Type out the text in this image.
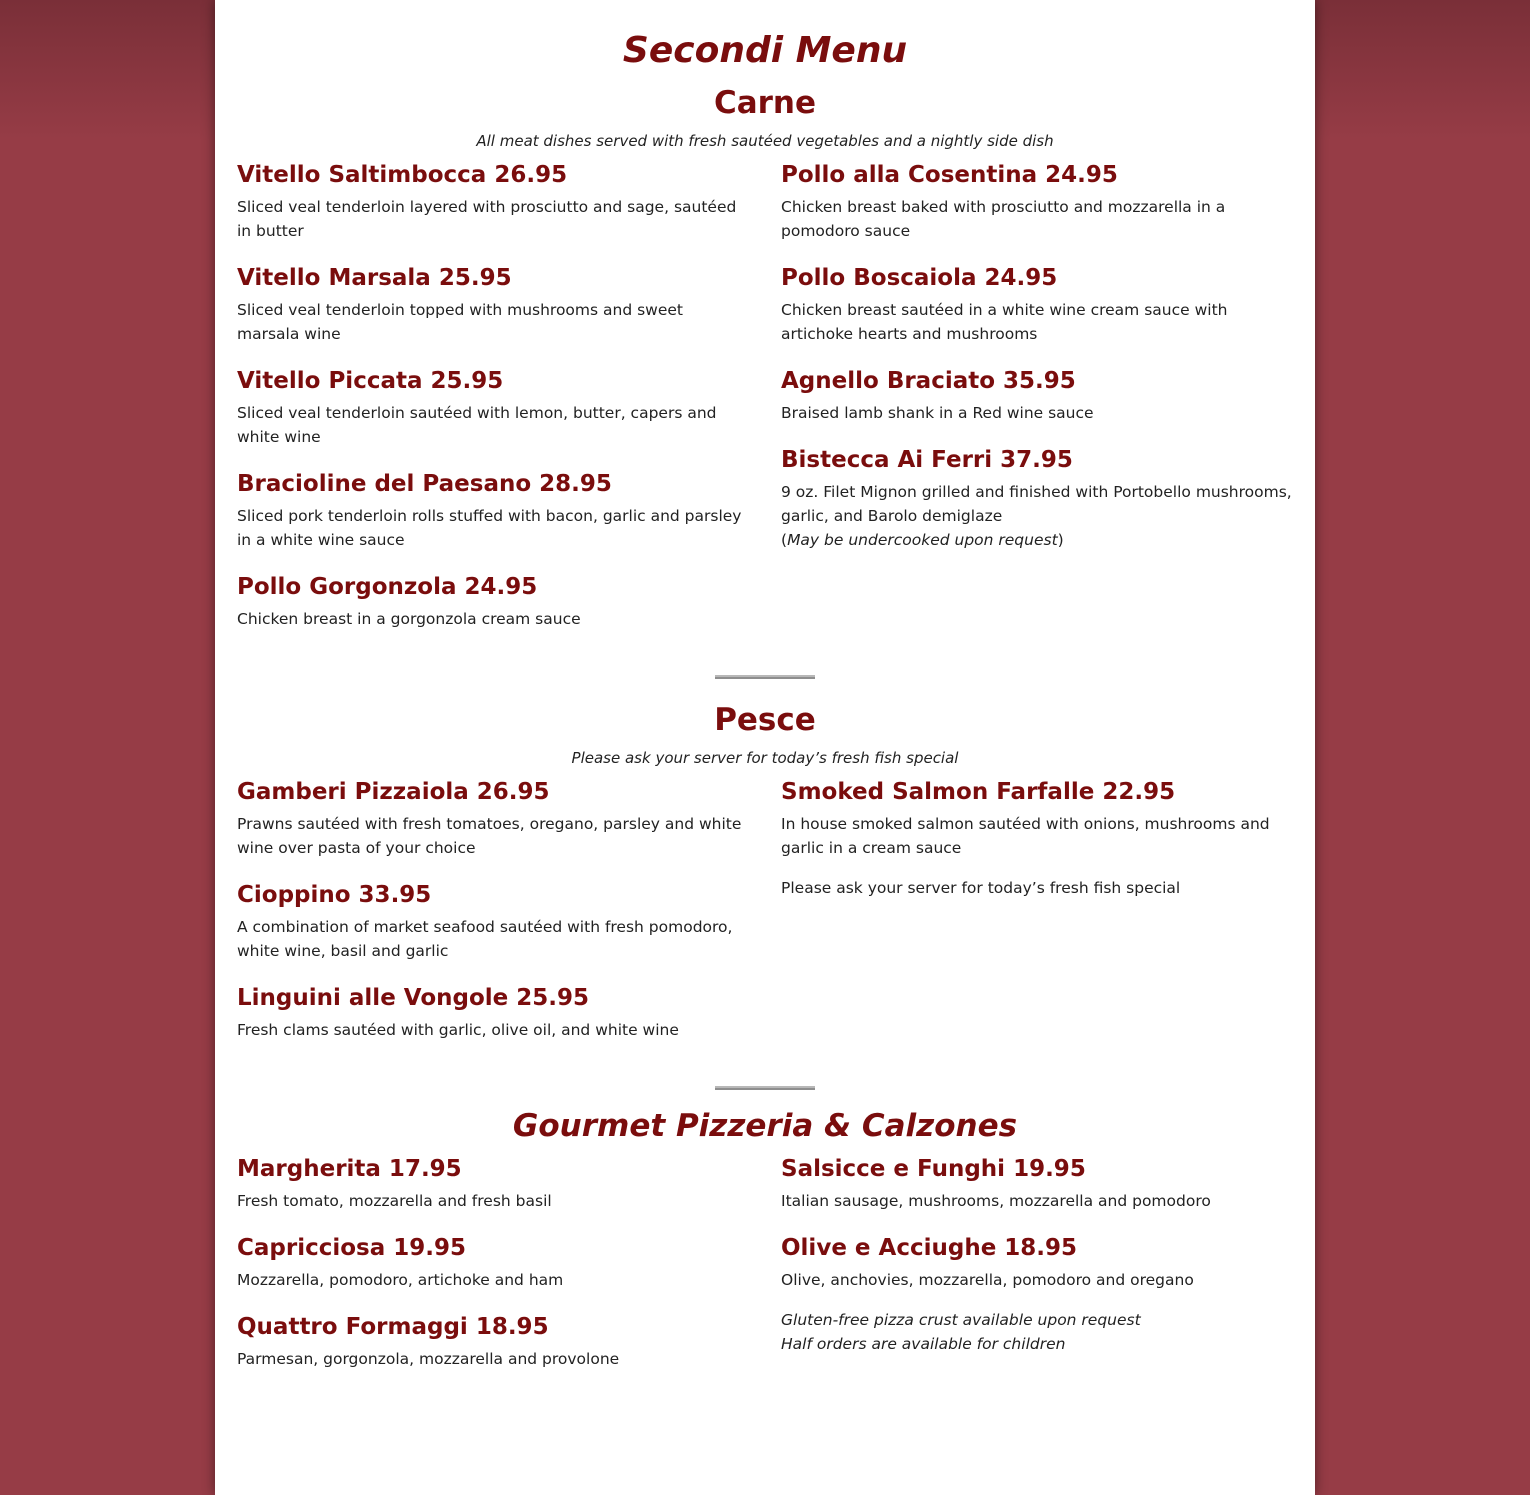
Secondi Menu
Carne

All meat dishes served with fresh sautéed vegetables and a nightly side dish

Vitello Saltimbocca 26.95

Sliced veal tenderloin layered with prosciutto and sage, sautéed in butter

Vitello Marsala 25.95

Sliced veal tenderloin topped with mushrooms and sweet marsala wine

Vitello Piccata 25.95

Sliced veal tenderloin sautéed with lemon, butter, capers and white wine

Bracioline del Paesano 28.95

Sliced pork tenderloin rolls stuffed with bacon, garlic and parsley in a white wine sauce

Pollo Gorgonzola 24.95

Chicken breast in a gorgonzola cream sauce

Pollo alla Cosentina 24.95

Chicken breast baked with prosciutto and mozzarella in a pomodoro sauce

Pollo Boscaiola 24.95

Chicken breast sautéed in a white wine cream sauce with artichoke hearts and mushrooms

Agnello Braciato 35.95

Braised lamb shank in a Red wine sauce

Bistecca Ai Ferri 37.95

9 oz. Filet Mignon grilled and finished with Portobello mushrooms, garlic, and Barolo demiglaze

(May be undercooked upon request)

Pesce

Please ask your server for today’s fresh fish special

Gamberi Pizzaiola 26.95

Prawns sautéed with fresh tomatoes, oregano, parsley and white wine over pasta of your choice

Cioppino 33.95

A combination of market seafood sautéed with fresh pomodoro, white wine, basil and garlic

Linguini alle Vongole 25.95

Fresh clams sautéed with garlic, olive oil, and white wine

Smoked Salmon Farfalle 22.95

In house smoked salmon sautéed with onions, mushrooms and garlic in a cream sauce

Please ask your server for today’s fresh fish special

Gourmet Pizzeria & Calzones
Margherita 17.95

Fresh tomato, mozzarella and fresh basil

Capricciosa 19.95

Mozzarella, pomodoro, artichoke and ham

Quattro Formaggi 18.95

Parmesan, gorgonzola, mozzarella and provolone

Salsicce e Funghi 19.95

Italian sausage, mushrooms, mozzarella and pomodoro

Olive e Acciughe 18.95

Olive, anchovies, mozzarella, pomodoro and oregano

Gluten-free pizza crust available upon request

Half orders are available for children
